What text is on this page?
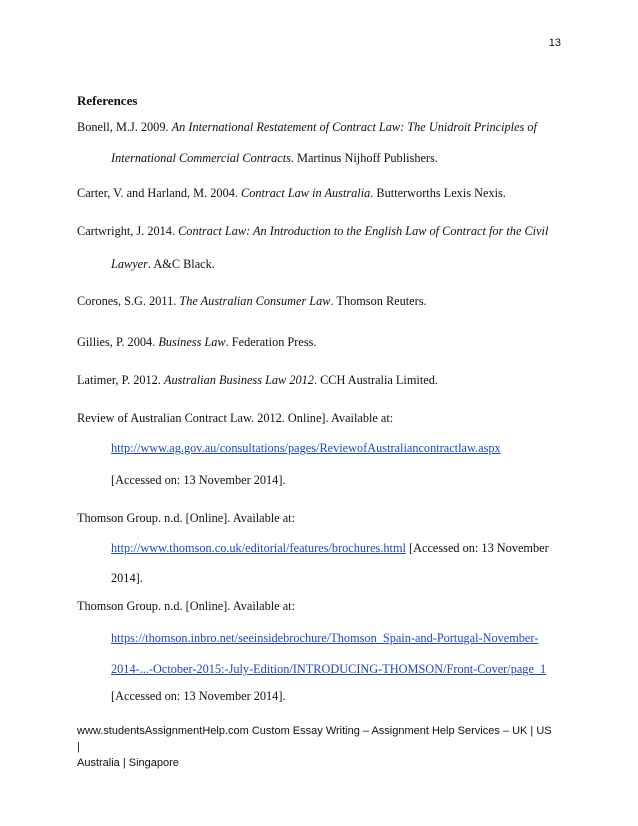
13
References
Bonell, M.J. 2009. An International Restatement of Contract Law: The Unidroit Principles of
International Commercial Contracts. Martinus Nijhoff Publishers.
Carter, V. and Harland, M. 2004. Contract Law in Australia. Butterworths Lexis Nexis.
Cartwright, J. 2014. Contract Law: An Introduction to the English Law of Contract for the Civil
Lawyer. A&C Black.
Corones, S.G. 2011. The Australian Consumer Law. Thomson Reuters.
Gillies, P. 2004. Business Law. Federation Press.
Latimer, P. 2012. Australian Business Law 2012. CCH Australia Limited.
Review of Australian Contract Law. 2012. Online]. Available at:
http://www.ag.gov.au/consultations/pages/ReviewofAustraliancontractlaw.aspx
[Accessed on: 13 November 2014].
Thomson Group. n.d. [Online]. Available at:
http://www.thomson.co.uk/editorial/features/brochures.html [Accessed on: 13 November
2014].
Thomson Group. n.d. [Online]. Available at:
https://thomson.inbro.net/seeinsidebrochure/Thomson_Spain-and-Portugal-November-
2014-...-October-2015:-July-Edition/INTRODUCING-THOMSON/Front-Cover/page_1
[Accessed on: 13 November 2014].
www.studentsAssignmentHelp.com Custom Essay Writing – Assignment Help Services – UK | US |
Australia | Singapore
